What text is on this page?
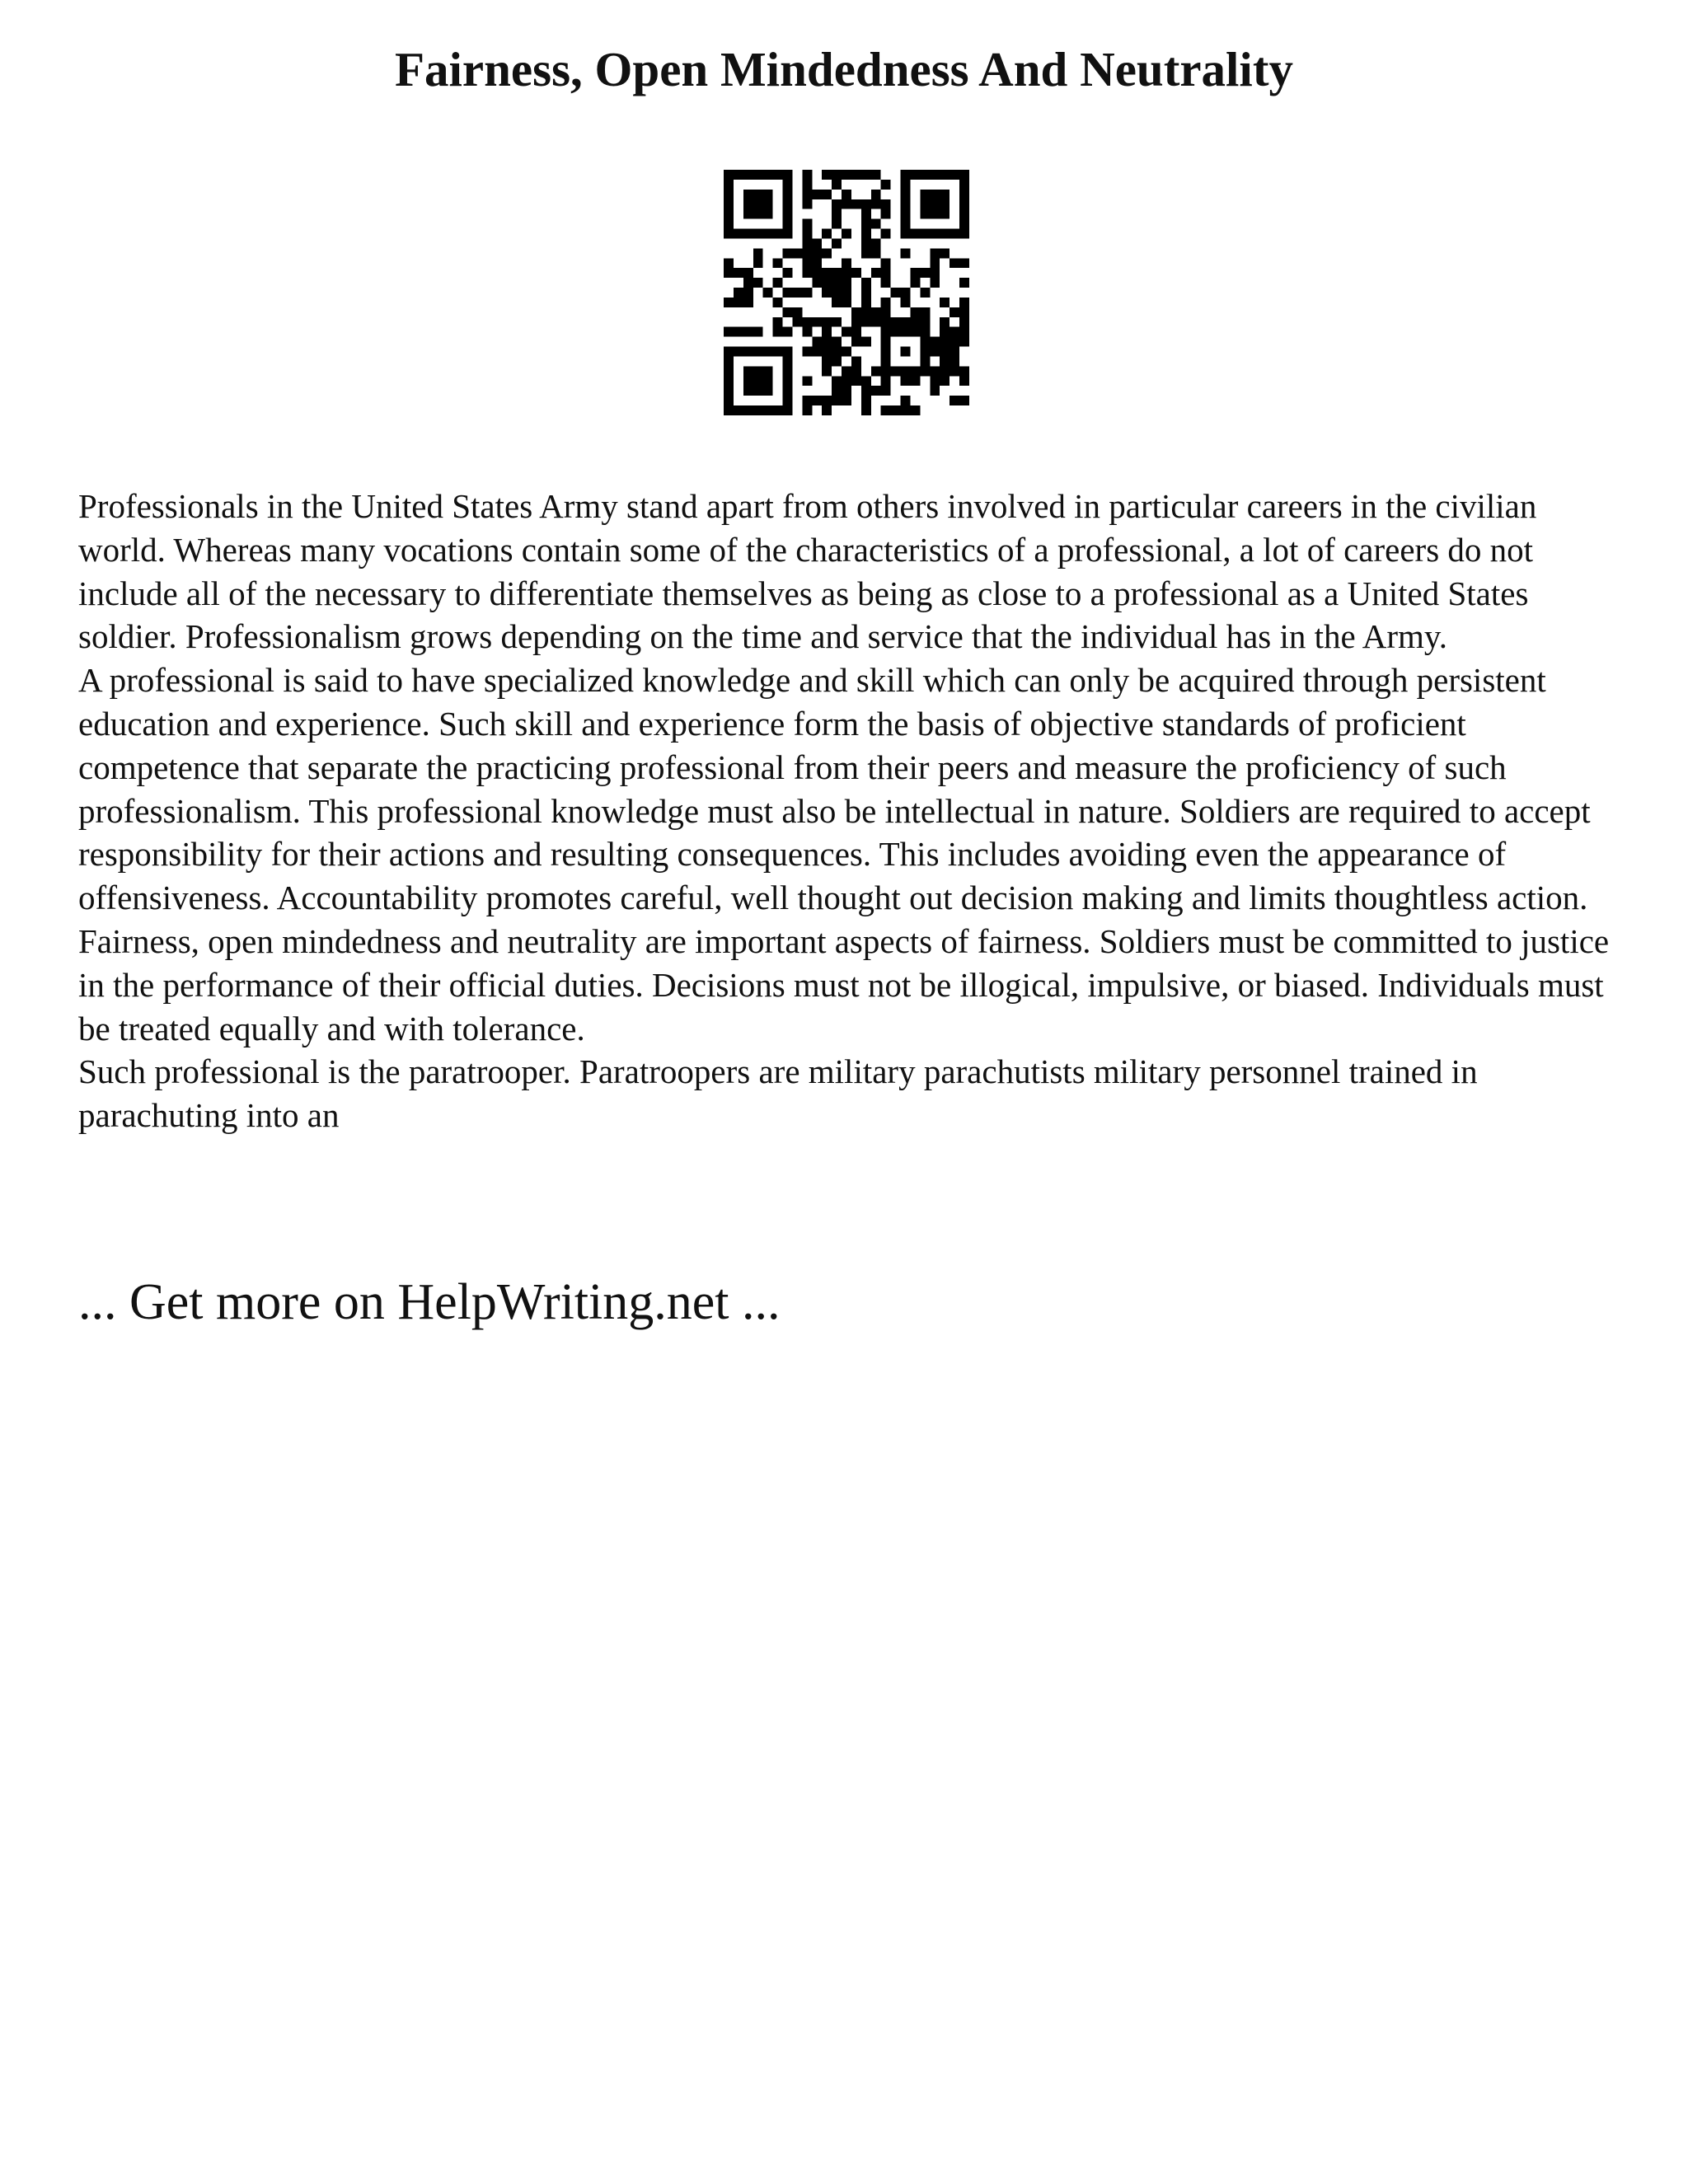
Fairness, Open Mindedness And Neutrality

Professionals in the United States Army stand apart from others involved in particular careers in the civilian world. Whereas many vocations contain some of the characteristics of a professional, a lot of careers do not include all of the necessary to differentiate themselves as being as close to a professional as a United States soldier. Professionalism grows depending on the time and service that the individual has in the Army.

A professional is said to have specialized knowledge and skill which can only be acquired through persistent education and experience. Such skill and experience form the basis of objective standards of proficient competence that separate the practicing professional from their peers and measure the proficiency of such professionalism. This professional knowledge must also be intellectual in nature. Soldiers are required to accept responsibility for their actions and resulting consequences. This includes avoiding even the appearance of offensiveness. Accountability promotes careful, well thought out decision making and limits thoughtless action. Fairness, open mindedness and neutrality are important aspects of fairness. Soldiers must be committed to justice in the performance of their official duties. Decisions must not be illogical, impulsive, or biased. Individuals must be treated equally and with tolerance.

Such professional is the paratrooper. Paratroopers are military parachutists military personnel trained in parachuting into an

... Get more on HelpWriting.net ...
